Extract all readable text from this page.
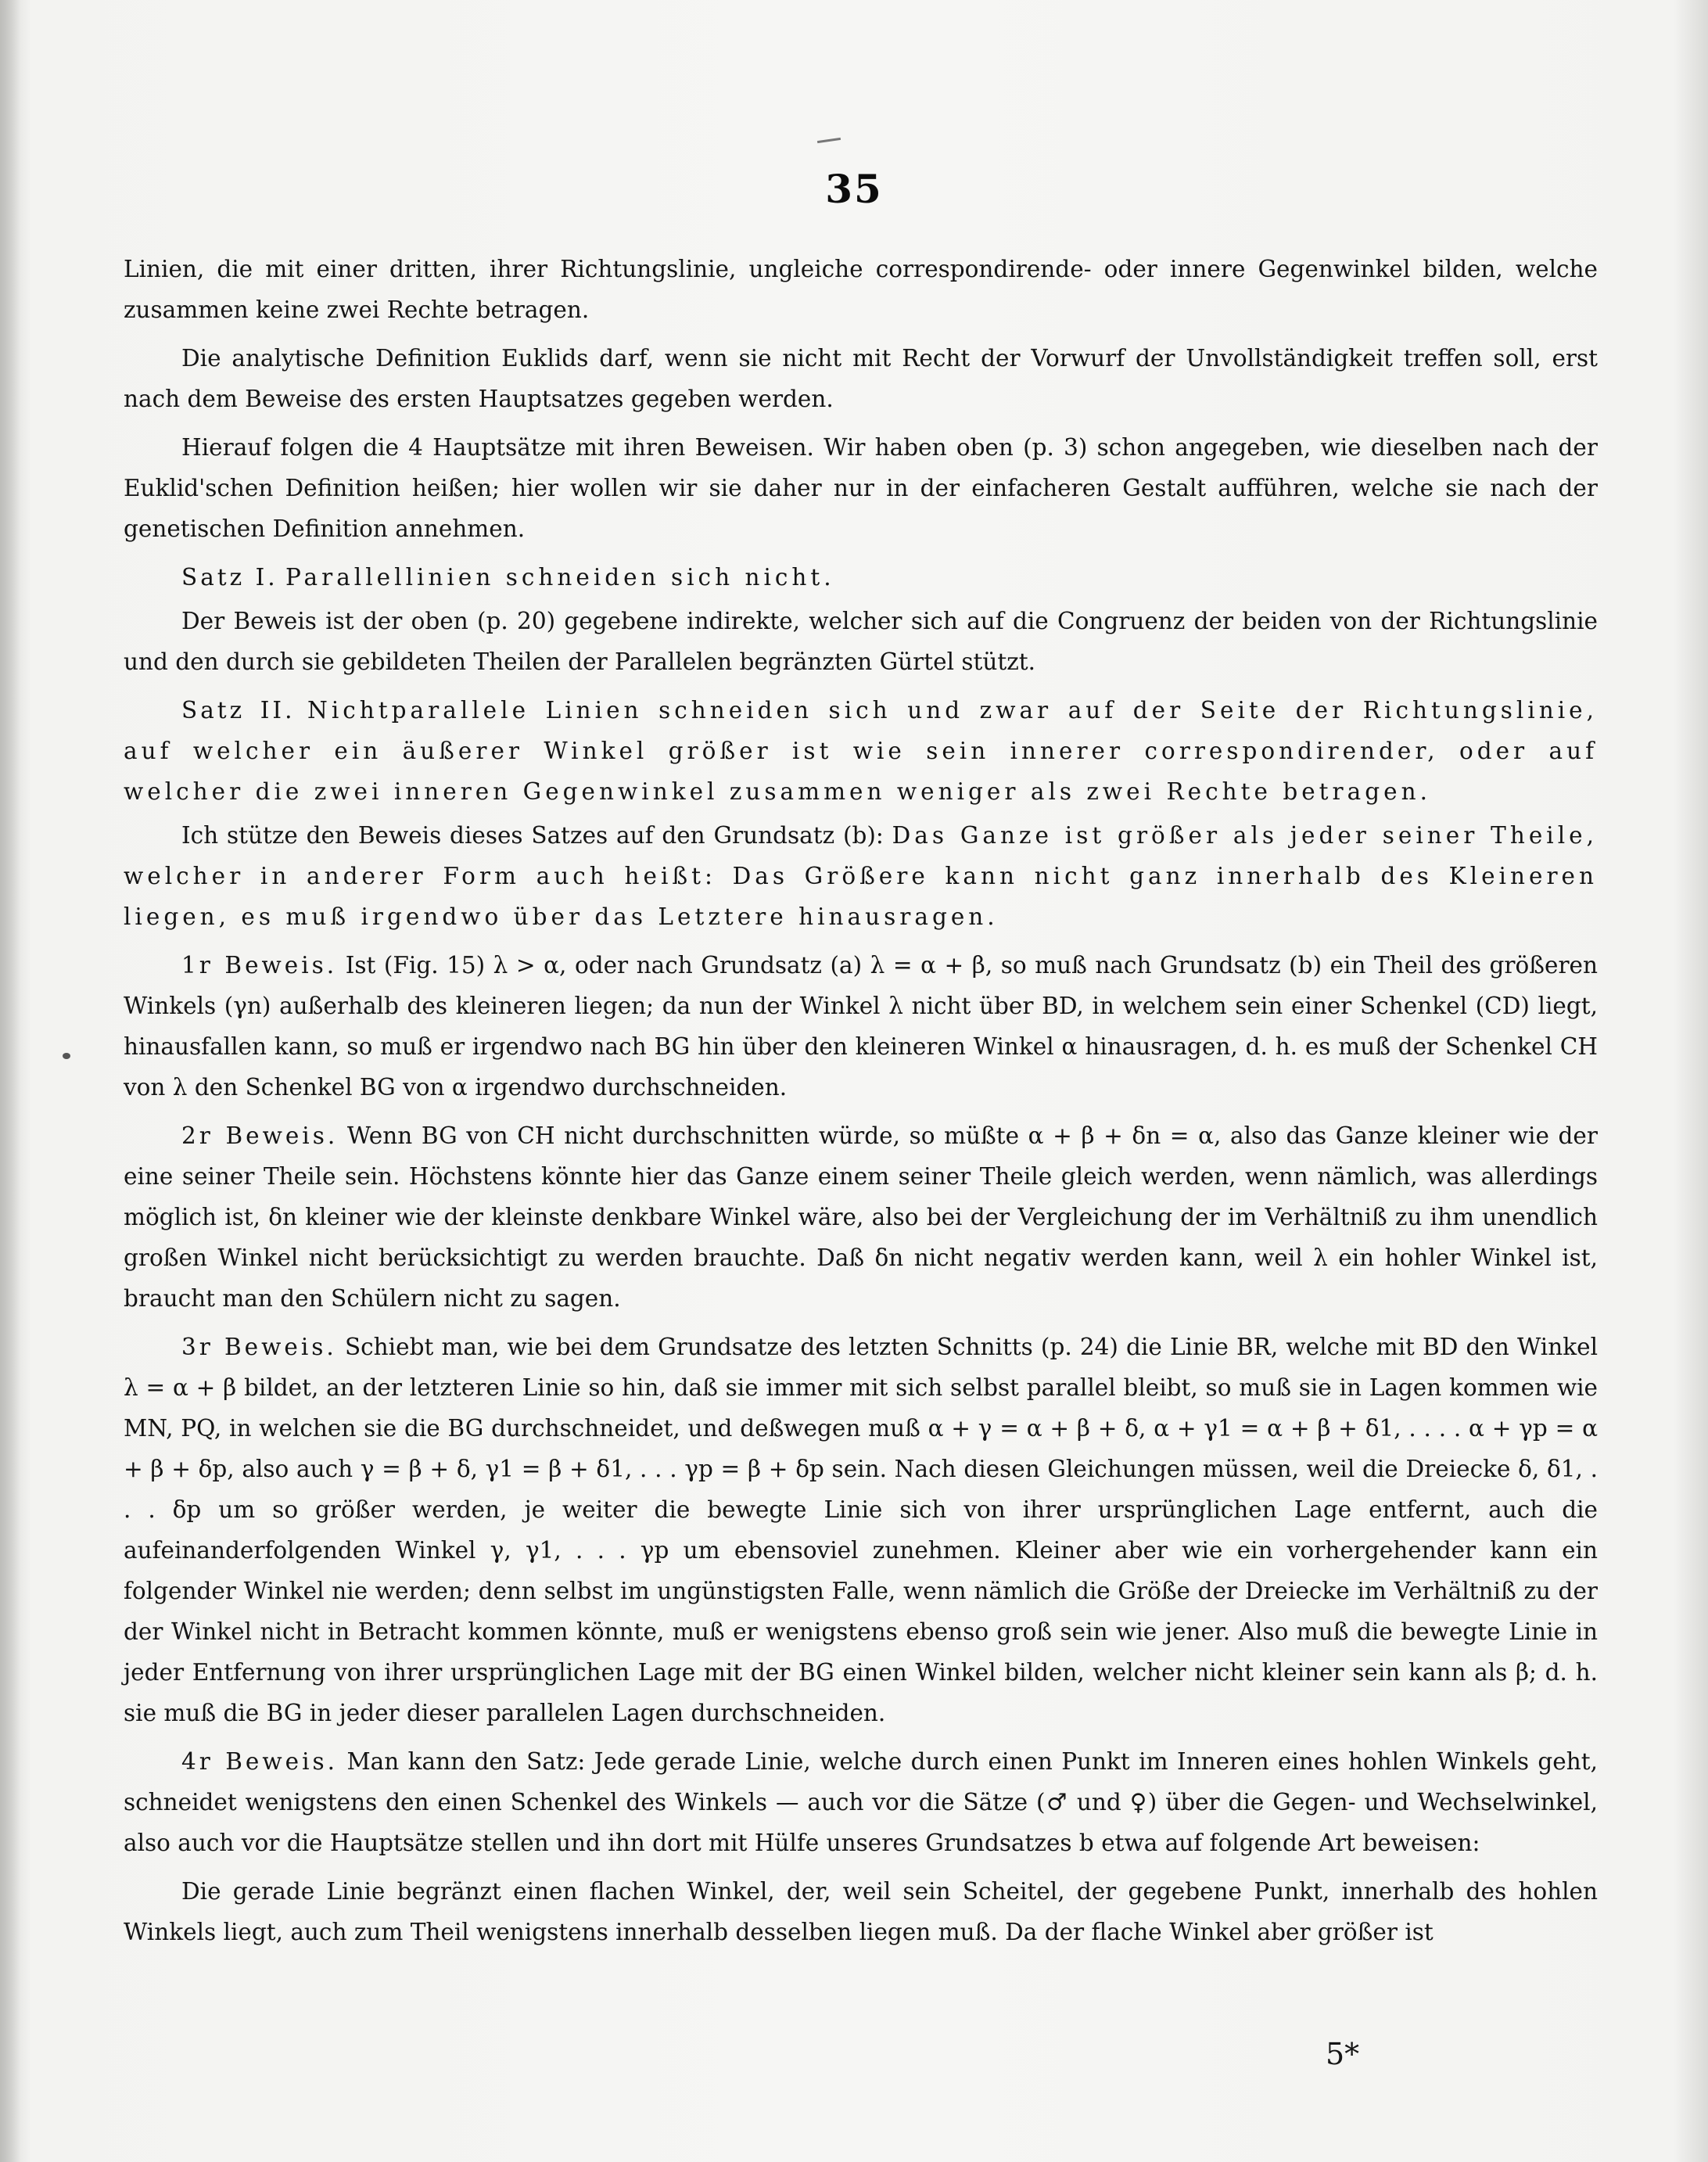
35

Linien, die mit einer dritten, ihrer Richtungslinie, ungleiche correspondirende- oder innere Gegenwinkel bilden, welche zusammen keine zwei Rechte betragen.

Die analytische Definition Euklids darf, wenn sie nicht mit Recht der Vorwurf der Unvollständigkeit treffen soll, erst nach dem Beweise des ersten Hauptsatzes gegeben werden.

Hierauf folgen die 4 Hauptsätze mit ihren Beweisen. Wir haben oben (p. 3) schon angegeben, wie dieselben nach der Euklid'schen Definition heißen; hier wollen wir sie daher nur in der einfacheren Gestalt aufführen, welche sie nach der genetischen Definition annehmen.

Satz I. Parallellinien schneiden sich nicht.

Der Beweis ist der oben (p. 20) gegebene indirekte, welcher sich auf die Congruenz der beiden von der Richtungslinie und den durch sie gebildeten Theilen der Parallelen begränzten Gürtel stützt.

Satz II. Nichtparallele Linien schneiden sich und zwar auf der Seite der Richtungslinie, auf welcher ein äußerer Winkel größer ist wie sein innerer correspondirender, oder auf welcher die zwei inneren Gegenwinkel zusammen weniger als zwei Rechte betragen.

Ich stütze den Beweis dieses Satzes auf den Grundsatz (b): Das Ganze ist größer als jeder seiner Theile, welcher in anderer Form auch heißt: Das Größere kann nicht ganz innerhalb des Kleineren liegen, es muß irgendwo über das Letztere hinausragen.

1r Beweis. Ist (Fig. 15) λ > α, oder nach Grundsatz (a) λ = α + β, so muß nach Grundsatz (b) ein Theil des größeren Winkels (γn) außerhalb des kleineren liegen; da nun der Winkel λ nicht über BD, in welchem sein einer Schenkel (CD) liegt, hinausfallen kann, so muß er irgendwo nach BG hin über den kleineren Winkel α hinausragen, d. h. es muß der Schenkel CH von λ den Schenkel BG von α irgendwo durchschneiden.

2r Beweis. Wenn BG von CH nicht durchschnitten würde, so müßte α + β + δn = α, also das Ganze kleiner wie der eine seiner Theile sein. Höchstens könnte hier das Ganze einem seiner Theile gleich werden, wenn nämlich, was allerdings möglich ist, δn kleiner wie der kleinste denkbare Winkel wäre, also bei der Vergleichung der im Verhältniß zu ihm unendlich großen Winkel nicht berücksichtigt zu werden brauchte. Daß δn nicht negativ werden kann, weil λ ein hohler Winkel ist, braucht man den Schülern nicht zu sagen.

3r Beweis. Schiebt man, wie bei dem Grundsatze des letzten Schnitts (p. 24) die Linie BR, welche mit BD den Winkel λ = α + β bildet, an der letzteren Linie so hin, daß sie immer mit sich selbst parallel bleibt, so muß sie in Lagen kommen wie MN, PQ, in welchen sie die BG durchschneidet, und deßwegen muß α + γ = α + β + δ, α + γ1 = α + β + δ1, . . . . α + γp = α + β + δp, also auch γ = β + δ, γ1 = β + δ1, . . . γp = β + δp sein. Nach diesen Gleichungen müssen, weil die Dreiecke δ, δ1, . . . δp um so größer werden, je weiter die bewegte Linie sich von ihrer ursprünglichen Lage entfernt, auch die aufeinanderfolgenden Winkel γ, γ1, . . . γp um ebensoviel zunehmen. Kleiner aber wie ein vorhergehender kann ein folgender Winkel nie werden; denn selbst im ungünstigsten Falle, wenn nämlich die Größe der Dreiecke im Verhältniß zu der der Winkel nicht in Betracht kommen könnte, muß er wenigstens ebenso groß sein wie jener. Also muß die bewegte Linie in jeder Entfernung von ihrer ursprünglichen Lage mit der BG einen Winkel bilden, welcher nicht kleiner sein kann als β; d. h. sie muß die BG in jeder dieser parallelen Lagen durchschneiden.

4r Beweis. Man kann den Satz: Jede gerade Linie, welche durch einen Punkt im Inneren eines hohlen Winkels geht, schneidet wenigstens den einen Schenkel des Winkels — auch vor die Sätze (♂ und ♀) über die Gegen- und Wechselwinkel, also auch vor die Hauptsätze stellen und ihn dort mit Hülfe unseres Grundsatzes b etwa auf folgende Art beweisen:

Die gerade Linie begränzt einen flachen Winkel, der, weil sein Scheitel, der gegebene Punkt, innerhalb des hohlen Winkels liegt, auch zum Theil wenigstens innerhalb desselben liegen muß. Da der flache Winkel aber größer ist

5*
